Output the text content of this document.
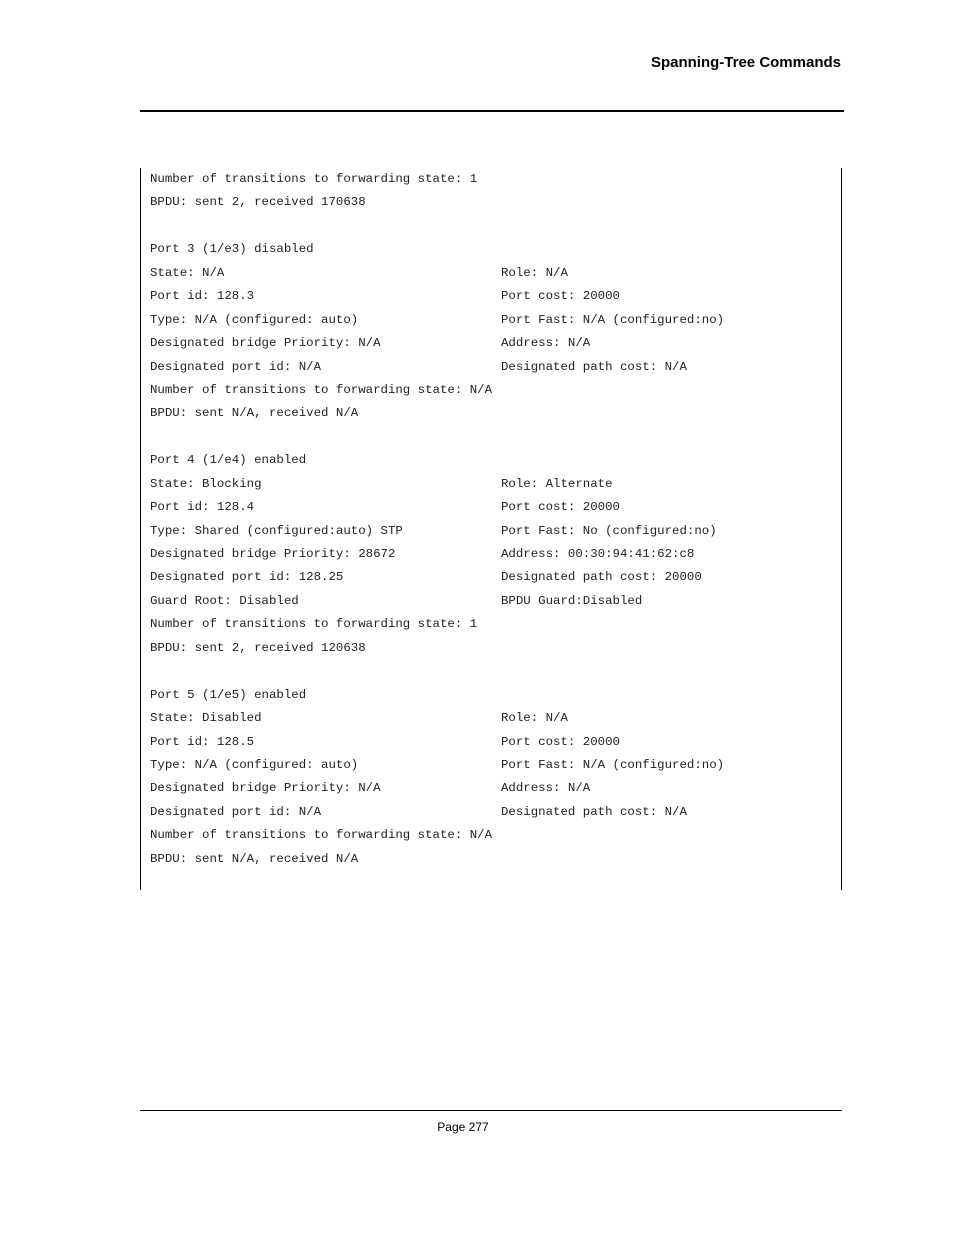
Spanning-Tree Commands
Number of transitions to forwarding state: 1
BPDU: sent 2, received 170638
Port 3 (1/e3) disabled
State: N/A	Role: N/A
Port id: 128.3	Port cost: 20000
Type: N/A (configured: auto)	Port Fast: N/A (configured:no)
Designated bridge Priority: N/A	Address: N/A
Designated port id: N/A	Designated path cost: N/A
Number of transitions to forwarding state: N/A
BPDU: sent N/A, received N/A
Port 4 (1/e4) enabled
State: Blocking	Role: Alternate
Port id: 128.4	Port cost: 20000
Type: Shared (configured:auto) STP	Port Fast: No (configured:no)
Designated bridge Priority: 28672	Address: 00:30:94:41:62:c8
Designated port id: 128.25	Designated path cost: 20000
Guard Root: Disabled	BPDU Guard:Disabled
Number of transitions to forwarding state: 1
BPDU: sent 2, received 120638
Port 5 (1/e5) enabled
State: Disabled	Role: N/A
Port id: 128.5	Port cost: 20000
Type: N/A (configured: auto)	Port Fast: N/A (configured:no)
Designated bridge Priority: N/A	Address: N/A
Designated port id: N/A	Designated path cost: N/A
Number of transitions to forwarding state: N/A
BPDU: sent N/A, received N/A
Page 277
